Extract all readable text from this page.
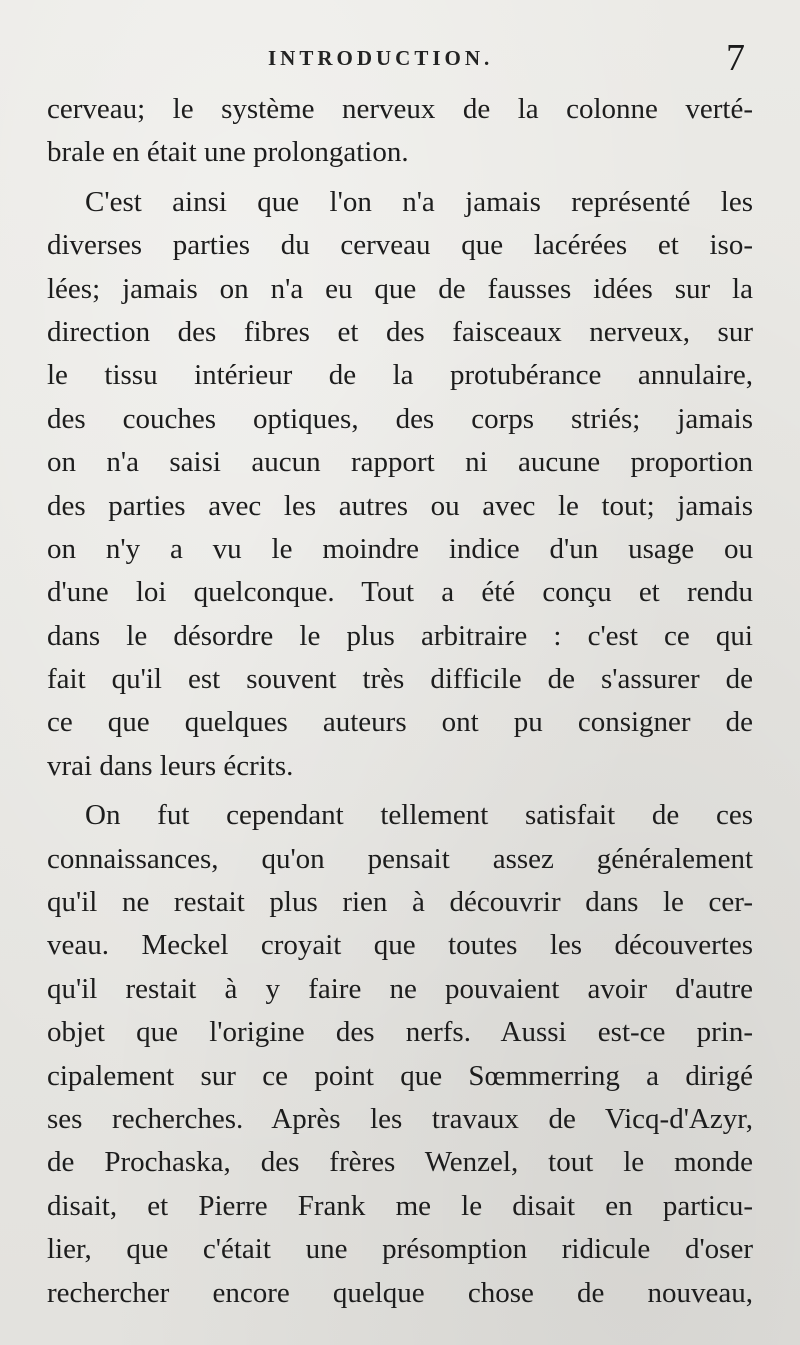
INTRODUCTION.	7
cerveau; le système nerveux de la colonne verté-
brale en était une prolongation.
C'est ainsi que l'on n'a jamais représenté les
diverses parties du cerveau que lacérées et iso-
lées; jamais on n'a eu que de fausses idées sur la
direction des fibres et des faisceaux nerveux, sur
le tissu intérieur de la protubérance annulaire,
des couches optiques, des corps striés; jamais
on n'a saisi aucun rapport ni aucune proportion
des parties avec les autres ou avec le tout; jamais
on n'y a vu le moindre indice d'un usage ou
d'une loi quelconque. Tout a été conçu et rendu
dans le désordre le plus arbitraire : c'est ce qui
fait qu'il est souvent très difficile de s'assurer de
ce que quelques auteurs ont pu consigner de
vrai dans leurs écrits.
On fut cependant tellement satisfait de ces
connaissances, qu'on pensait assez généralement
qu'il ne restait plus rien à découvrir dans le cer-
veau. Meckel croyait que toutes les découvertes
qu'il restait à y faire ne pouvaient avoir d'autre
objet que l'origine des nerfs. Aussi est-ce prin-
cipalement sur ce point que Sœmmerring a dirigé
ses recherches. Après les travaux de Vicq-d'Azyr,
de Prochaska, des frères Wenzel, tout le monde
disait, et Pierre Frank me le disait en particu-
lier, que c'était une présomption ridicule d'oser
rechercher encore quelque chose de nouveau,
